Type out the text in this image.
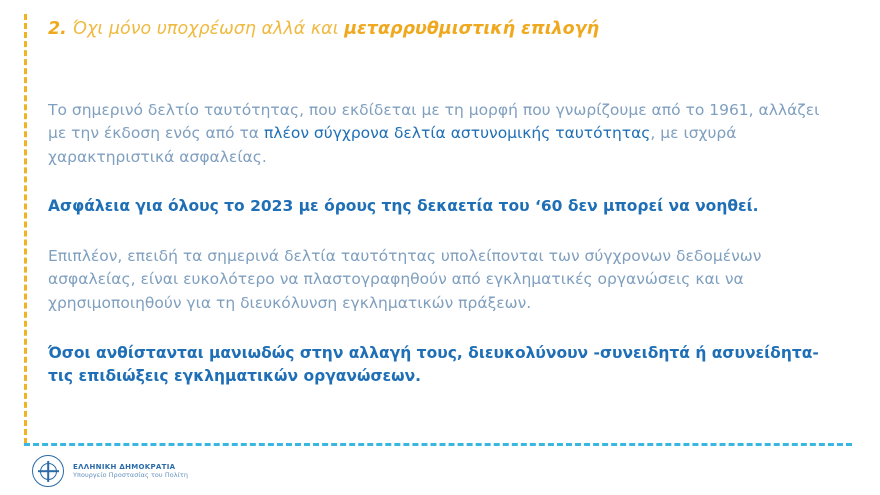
2. Όχι μόνο υποχρέωση αλλά και μεταρρυθμιστική επιλογή

Το σημερινό δελτίο ταυτότητας, που εκδίδεται με τη μορφή που γνωρίζουμε από το 1961, αλλάζει με την έκδοση ενός από τα πλέον σύγχρονα δελτία αστυνομικής ταυτότητας, με ισχυρά χαρακτηριστικά ασφαλείας.

Ασφάλεια για όλους το 2023 με όρους της δεκαετία του ‘60 δεν μπορεί να νοηθεί.

Επιπλέον, επειδή τα σημερινά δελτία ταυτότητας υπολείπονται των σύγχρονων δεδομένων ασφαλείας, είναι ευκολότερο να πλαστογραφηθούν από εγκληματικές οργανώσεις και να χρησιμοποιηθούν για τη διευκόλυνση εγκληματικών πράξεων.

Όσοι ανθίστανται μανιωδώς στην αλλαγή τους, διευκολύνουν -συνειδητά ή ασυνείδητα- τις επιδιώξεις εγκληματικών οργανώσεων.

ΕΛΛΗΝΙΚΗ ΔΗΜΟΚΡΑΤΙΑ
Υπουργείο Προστασίας του Πολίτη
